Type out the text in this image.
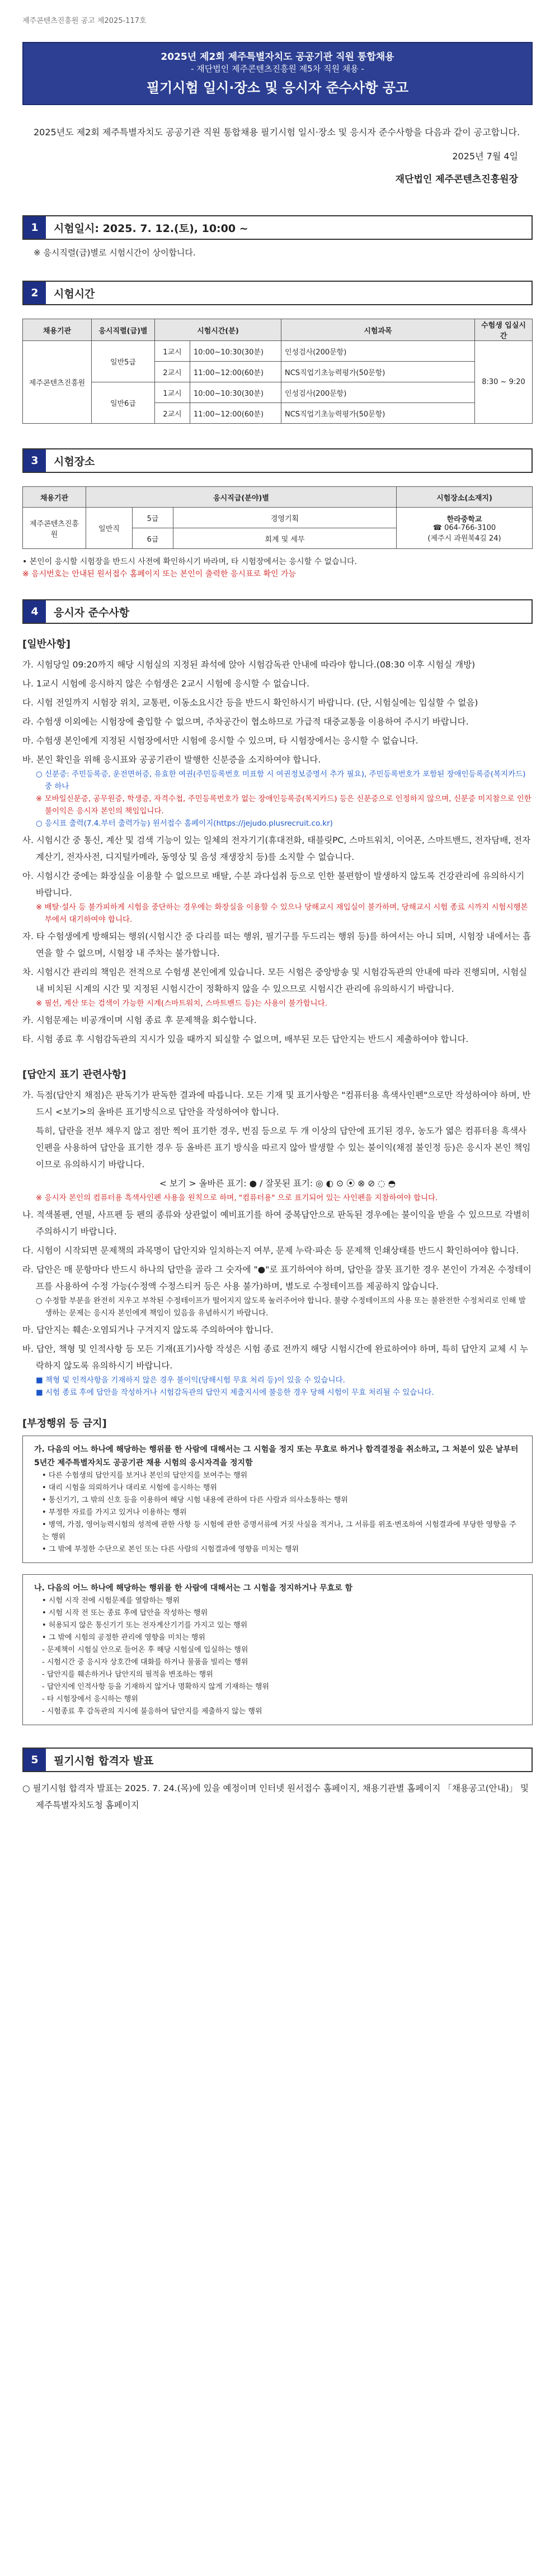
제주콘텐츠진흥원 공고 제2025-117호
2025년 제2회 제주특별자치도 공공기관 직원 통합채용
- 재단법인 제주콘텐츠진흥원 제5차 직원 채용 -
필기시험 일시·장소 및 응시자 준수사항 공고
2025년도 제2회 제주특별자치도 공공기관 직원 통합채용 필기시험 일시·장소 및 응시자 준수사항을 다음과 같이 공고합니다.
2025년 7월 4일
재단법인 제주콘텐츠진흥원장
1	시험일시: 2025. 7. 12.(토), 10:00 ~
※ 응시직렬(급)별로 시험시간이 상이합니다.
2	시험시간
채용기관	응시직렬(급)별	시험시간(분)		시험과목	수험생 입실시간
제주콘텐츠진흥원	일반5급	1교시	10:00~10:30(30분)	인성검사(200문항)	8:30 ~ 9:20
		2교시	11:00~12:00(60분)	NCS직업기초능력평가(50문항)	
	일반6급	1교시	10:00~10:30(30분)	인성검사(200문항)	
		2교시	11:00~12:00(60분)	NCS직업기초능력평가(50문항)	
3	시험장소
채용기관	응시직급(분야)별			시험장소(소재지)
제주콘텐츠진흥원	일반직	5급	경영기획	한라중학교
☎ 064-766-3100
(제주시 과원북4길 24)

		6급	회계 및 세무	
• 본인이 응시할 시험장을 반드시 사전에 확인하시기 바라며, 타 시험장에서는 응시할 수 없습니다.
※ 응시번호는 안내된 원서접수 홈페이지 또는 본인이 출력한 응시표로 확인 가능
4	응시자 준수사항
[일반사항]
가. 시험당일 09:20까지 해당 시험실의 지정된 좌석에 앉아 시험감독관 안내에 따라야 합니다.(08:30 이후 시험실 개방)
나. 1교시 시험에 응시하지 않은 수험생은 2교시 시험에 응시할 수 없습니다.
다. 시험 전일까지 시험장 위치, 교통편, 이동소요시간 등을 반드시 확인하시기 바랍니다. (단, 시험실에는 입실할 수 없음)
라. 수험생 이외에는 시험장에 출입할 수 없으며, 주차공간이 협소하므로 가급적 대중교통을 이용하여 주시기 바랍니다.
마. 수험생 본인에게 지정된 시험장에서만 시험에 응시할 수 있으며, 타 시험장에서는 응시할 수 없습니다.
바. 본인 확인을 위해 응시표와 공공기관이 발행한 신분증을 소지하여야 합니다.
○ 신분증: 주민등록증, 운전면허증, 유효한 여권(주민등록번호 미표함 시 여권정보증명서 추가 필요), 주민등록번호가 포함된 장애인등록증(복지카드) 중 하나
※ 모바일신분증, 공무원증, 학생증, 자격수첩, 주민등록번호가 없는 장애인등록증(복지카드) 등은 신분증으로 인정하지 않으며, 신분증 미지참으로 인한 불이익은 응시자 본인의 책임입니다.
○ 응시표 출력(7.4.부터 출력가능) 원서접수 홈페이지(https://jejudo.plusrecruit.co.kr)
사. 시험시간 중 통신, 계산 및 검색 기능이 있는 일체의 전자기기(휴대전화, 태블릿PC, 스마트워치, 이어폰, 스마트밴드, 전자담배, 전자계산기, 전자사전, 디지털카메라, 동영상 및 음성 재생장치 등)를 소지할 수 없습니다.
아. 시험시간 중에는 화장실을 이용할 수 없으므로 배탈, 수분 과다섭취 등으로 인한 불편함이 발생하지 않도록 건강관리에 유의하시기 바랍니다.
※ 배탈·설사 등 불가피하게 시험을 중단하는 경우에는 화장실을 이용할 수 있으나 당해교시 재입실이 불가하며, 당해교시 시험 종료 시까지 시험시행본부에서 대기하여야 합니다.
자. 타 수험생에게 방해되는 행위(시험시간 중 다리를 떠는 행위, 필기구를 두드리는 행위 등)를 하여서는 아니 되며, 시험장 내에서는 흡연을 할 수 없으며, 시험장 내 주차는 불가합니다.
차. 시험시간 관리의 책임은 전적으로 수험생 본인에게 있습니다. 모든 시험은 중앙방송 및 시험감독관의 안내에 따라 진행되며, 시험실 내 비치된 시계의 시간 및 지정된 시험시간이 정확하지 않을 수 있으므로 시험시간 관리에 유의하시기 바랍니다.
※ 필선, 계산 또는 검색이 가능한 시계(스마트워치, 스마트밴드 등)는 사용이 불가합니다.
카. 시험문제는 비공개이며 시험 종료 후 문제책을 회수합니다.
타. 시험 종료 후 시험감독관의 지시가 있을 때까지 퇴실할 수 없으며, 배부된 모든 답안지는 반드시 제출하여야 합니다.
[답안지 표기 관련사항]
가. 득점(답안지 채점)은 판독기가 판독한 결과에 따릅니다. 모든 기재 및 표기사항은 "컴퓨터용 흑색사인펜"으로만 작성하여야 하며, 반드시 <보기>의 올바른 표기방식으로 답안을 작성하여야 합니다.
특히, 답란을 전부 채우지 않고 점만 찍어 표기한 경우, 번짐 등으로 두 개 이상의 답안에 표기된 경우, 농도가 엷은 컴퓨터용 흑색사인펜을 사용하여 답안을 표기한 경우 등 올바른 표기 방식을 따르지 않아 발생할 수 있는 불이익(채점 불인정 등)은 응시자 본인 책임이므로 유의하시기 바랍니다.
< 보기 > 올바른 표기: ● / 잘못된 표기: ◎ ◐ ⊙ ⦿ ⊗ ⊘ ◌ ◓
※ 응시자 본인의 컴퓨터용 흑색사인펜 사용을 원칙으로 하며, "컴퓨터용" 으로 표기되어 있는 사인펜을 지참하여야 합니다.
나. 적색볼펜, 연필, 사프펜 등 펜의 종류와 상관없이 예비표기를 하여 중복답안으로 판독된 경우에는 불이익을 받을 수 있으므로 각별히 주의하시기 바랍니다.
다. 시험이 시작되면 문제책의 과목명이 답안지와 일치하는지 여부, 문제 누락·파손 등 문제책 인쇄상태를 반드시 확인하여야 합니다.
라. 답안은 매 문항마다 반드시 하나의 답만을 골라 그 숫자에 "●"로 표기하여야 하며, 답안을 잘못 표기한 경우 본인이 가져온 수정테이프를 사용하여 수정 가능(수정액 수정스티커 등은 사용 불가)하며, 별도로 수정테이프를 제공하지 않습니다.
○ 수정할 부분을 완전히 지우고 부착된 수정테이프가 떨어지지 않도록 눌러주어야 합니다. 불량 수정테이프의 사용 또는 불완전한 수정처리로 인해 발생하는 문제는 응시자 본인에게 책임이 있음을 유념하시기 바랍니다.
마. 답안지는 훼손·오염되거나 구겨지지 않도록 주의하여야 합니다.
바. 답안, 책형 및 인적사항 등 모든 기재(표기)사항 작성은 시험 종료 전까지 해당 시험시간에 완료하여야 하며, 특히 답안지 교체 시 누락하지 않도록 유의하시기 바랍니다.
■ 책형 및 인적사항을 기재하지 않은 경우 불이익(당해시험 무효 처리 등)이 있을 수 있습니다.
■ 시험 종료 후에 답안을 작성하거나 시험감독관의 답안지 제출지시에 불응한 경우 당해 시험이 무효 처리될 수 있습니다.
[부정행위 등 금지]
가. 다음의 어느 하나에 해당하는 행위를 한 사람에 대해서는 그 시험을 정지 또는 무효로 하거나 합격결정을 취소하고, 그 처분이 있은 날부터 5년간 제주특별자치도 공공기관 채용 시험의 응시자격을 정지함
• 다른 수험생의 답안지를 보거나 본인의 답안지를 보여주는 행위
• 대리 시험을 의뢰하거나 대리로 시험에 응시하는 행위
• 통신기기, 그 밖의 신호 등을 이용하여 해당 시험 내용에 관하여 다른 사람과 의사소통하는 행위
• 부정한 자료를 가지고 있거나 이용하는 행위
• 병역, 가점, 영어능력시험의 성적에 관한 사항 등 시험에 관한 증명서류에 거짓 사실을 적거나, 그 서류를 위조·변조하여 시험결과에 부당한 영향을 주는 행위
• 그 밖에 부정한 수단으로 본인 또는 다른 사람의 시험결과에 영향을 미치는 행위
나. 다음의 어느 하나에 해당하는 행위를 한 사람에 대해서는 그 시험을 정지하거나 무효로 함
• 시험 시작 전에 시험문제를 열람하는 행위
• 시험 시작 전 또는 종료 후에 답안을 작성하는 행위
• 허용되지 않은 통신기기 또는 전자계산기기를 가지고 있는 행위
• 그 밖에 시험의 공정한 관리에 영향을 미치는 행위
- 문제책이 시험실 안으로 들어온 후 해당 시험실에 입실하는 행위
- 시험시간 중 응시자 상호간에 대화를 하거나 물품을 빌리는 행위
- 답안지를 훼손하거나 답안지의 필적을 변조하는 행위
- 답안지에 인적사항 등을 기재하지 않거나 명확하지 않게 기재하는 행위
- 타 시험장에서 응시하는 행위
- 시험종료 후 감독관의 지시에 불응하여 답안지를 제출하지 않는 행위
5	필기시험 합격자 발표
○ 필기시험 합격자 발표는 2025. 7. 24.(목)에 있을 예정이며 인터넷 원서접수 홈페이지, 채용기관별 홈페이지 「채용공고(안내)」 및 제주특별자치도청 홈페이지
